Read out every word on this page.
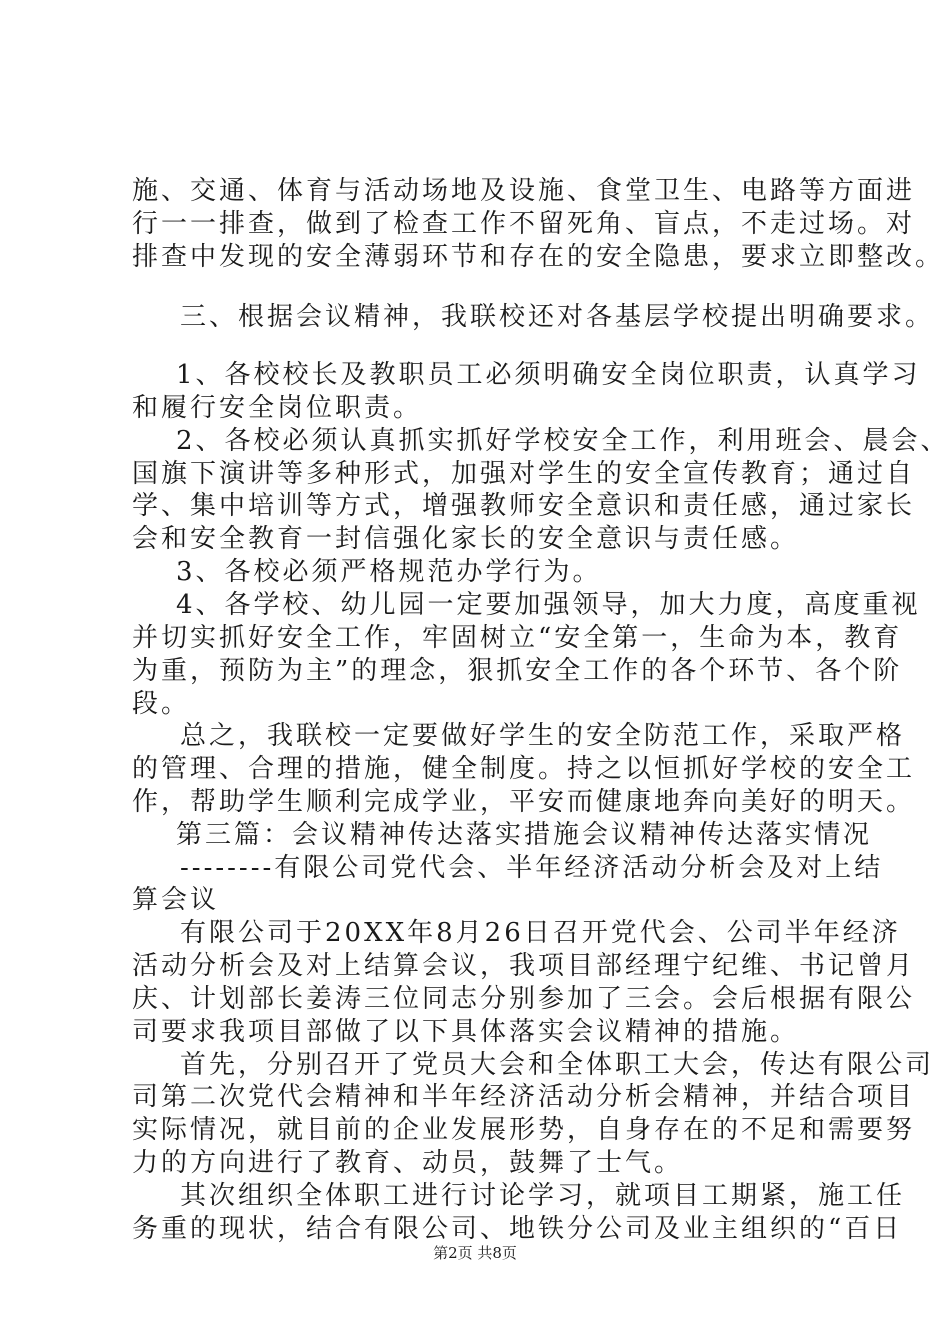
施、交通、体育与活动场地及设施、食堂卫生、电路等方面进
行一一排查，做到了检查工作不留死角、盲点，不走过场。对
排查中发现的安全薄弱环节和存在的安全隐患，要求立即整改。
三、根据会议精神，我联校还对各基层学校提出明确要求。
1、各校校长及教职员工必须明确安全岗位职责，认真学习
和履行安全岗位职责。
2、各校必须认真抓实抓好学校安全工作，利用班会、晨会、
国旗下演讲等多种形式，加强对学生的安全宣传教育；通过自
学、集中培训等方式，增强教师安全意识和责任感，通过家长
会和安全教育一封信强化家长的安全意识与责任感。
3、各校必须严格规范办学行为。
4、各学校、幼儿园一定要加强领导，加大力度，高度重视
并切实抓好安全工作，牢固树立“安全第一，生命为本，教育
为重，预防为主”的理念，狠抓安全工作的各个环节、各个阶
段。
总之，我联校一定要做好学生的安全防范工作，采取严格
的管理、合理的措施，健全制度。持之以恒抓好学校的安全工
作，帮助学生顺利完成学业，平安而健康地奔向美好的明天。
第三篇：会议精神传达落实措施会议精神传达落实情况
--------有限公司党代会、半年经济活动分析会及对上结
算会议
有限公司于20XX年8月26日召开党代会、公司半年经济
活动分析会及对上结算会议，我项目部经理宁纪维、书记曾月
庆、计划部长姜涛三位同志分别参加了三会。会后根据有限公
司要求我项目部做了以下具体落实会议精神的措施。
首先，分别召开了党员大会和全体职工大会，传达有限公司
司第二次党代会精神和半年经济活动分析会精神，并结合项目
实际情况，就目前的企业发展形势，自身存在的不足和需要努
力的方向进行了教育、动员，鼓舞了士气。
其次组织全体职工进行讨论学习，就项目工期紧，施工任
务重的现状，结合有限公司、地铁分公司及业主组织的“百日
第2页 共8页
